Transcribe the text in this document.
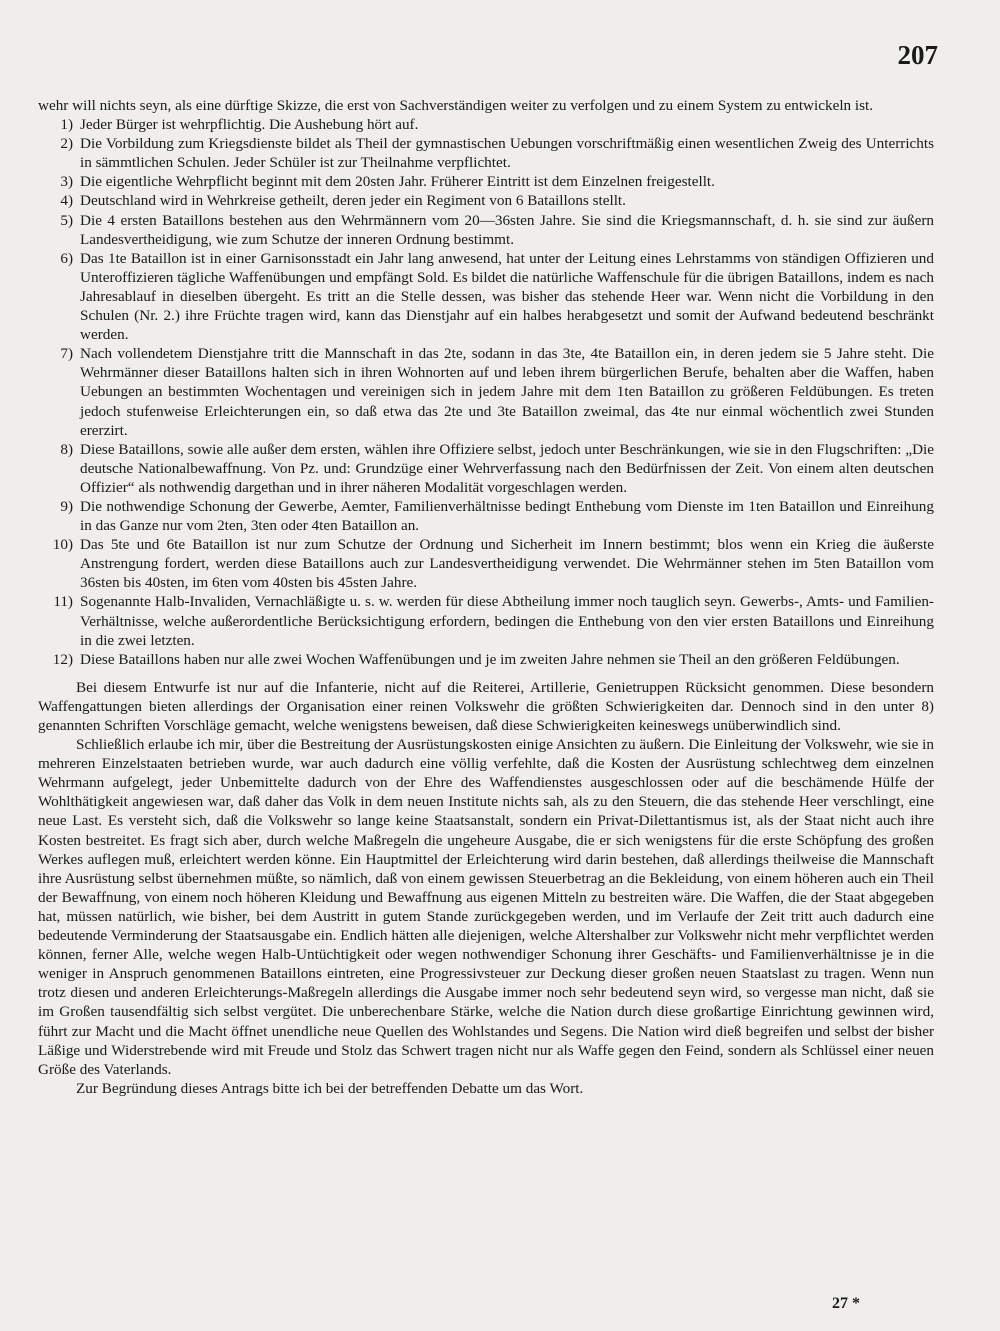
207

wehr will nichts seyn, als eine dürftige Skizze, die erst von Sachverständigen weiter zu verfolgen und zu einem System zu entwickeln ist.

1) Jeder Bürger ist wehrpflichtig. Die Aushebung hört auf.
2) Die Vorbildung zum Kriegsdienste bildet als Theil der gymnastischen Uebungen vorschriftmäßig einen wesentlichen Zweig des Unterrichts in sämmtlichen Schulen. Jeder Schüler ist zur Theilnahme verpflichtet.
3) Die eigentliche Wehrpflicht beginnt mit dem 20sten Jahr. Früherer Eintritt ist dem Einzelnen freigestellt.
4) Deutschland wird in Wehrkreise getheilt, deren jeder ein Regiment von 6 Bataillons stellt.
5) Die 4 ersten Bataillons bestehen aus den Wehrmännern vom 20—36sten Jahre. Sie sind die Kriegsmannschaft, d. h. sie sind zur äußern Landesvertheidigung, wie zum Schutze der inneren Ordnung bestimmt.
6) Das 1te Bataillon ist in einer Garnisonsstadt ein Jahr lang anwesend, hat unter der Leitung eines Lehrstamms von ständigen Offizieren und Unteroffizieren tägliche Waffenübungen und empfängt Sold. Es bildet die natürliche Waffenschule für die übrigen Bataillons, indem es nach Jahresablauf in dieselben übergeht. Es tritt an die Stelle dessen, was bisher das stehende Heer war. Wenn nicht die Vorbildung in den Schulen (Nr. 2.) ihre Früchte tragen wird, kann das Dienstjahr auf ein halbes herabgesetzt und somit der Aufwand bedeutend beschränkt werden.
7) Nach vollendetem Dienstjahre tritt die Mannschaft in das 2te, sodann in das 3te, 4te Bataillon ein, in deren jedem sie 5 Jahre steht. Die Wehrmänner dieser Bataillons halten sich in ihren Wohnorten auf und leben ihrem bürgerlichen Berufe, behalten aber die Waffen, haben Uebungen an bestimmten Wochentagen und vereinigen sich in jedem Jahre mit dem 1ten Bataillon zu größeren Feldübungen. Es treten jedoch stufenweise Erleichterungen ein, so daß etwa das 2te und 3te Bataillon zweimal, das 4te nur einmal wöchentlich zwei Stunden ererzirt.
8) Diese Bataillons, sowie alle außer dem ersten, wählen ihre Offiziere selbst, jedoch unter Beschränkungen, wie sie in den Flugschriften: „Die deutsche Nationalbewaffnung. Von Pz. und: Grundzüge einer Wehrverfassung nach den Bedürfnissen der Zeit. Von einem alten deutschen Offizier“ als nothwendig dargethan und in ihrer näheren Modalität vorgeschlagen werden.
9) Die nothwendige Schonung der Gewerbe, Aemter, Familienverhältnisse bedingt Enthebung vom Dienste im 1ten Bataillon und Einreihung in das Ganze nur vom 2ten, 3ten oder 4ten Bataillon an.
10) Das 5te und 6te Bataillon ist nur zum Schutze der Ordnung und Sicherheit im Innern bestimmt; blos wenn ein Krieg die äußerste Anstrengung fordert, werden diese Bataillons auch zur Landesvertheidigung verwendet. Die Wehrmänner stehen im 5ten Bataillon vom 36sten bis 40sten, im 6ten vom 40sten bis 45sten Jahre.
11) Sogenannte Halb-Invaliden, Vernachläßigte u. s. w. werden für diese Abtheilung immer noch tauglich seyn. Gewerbs-, Amts- und Familien-Verhältnisse, welche außerordentliche Berücksichtigung erfordern, bedingen die Enthebung von den vier ersten Bataillons und Einreihung in die zwei letzten.
12) Diese Bataillons haben nur alle zwei Wochen Waffenübungen und je im zweiten Jahre nehmen sie Theil an den größeren Feldübungen.

Bei diesem Entwurfe ist nur auf die Infanterie, nicht auf die Reiterei, Artillerie, Genietruppen Rücksicht genommen. Diese besondern Waffengattungen bieten allerdings der Organisation einer reinen Volkswehr die größten Schwierigkeiten dar. Dennoch sind in den unter 8) genannten Schriften Vorschläge gemacht, welche wenigstens beweisen, daß diese Schwierigkeiten keineswegs unüberwindlich sind.

Schließlich erlaube ich mir, über die Bestreitung der Ausrüstungskosten einige Ansichten zu äußern. Die Einleitung der Volkswehr, wie sie in mehreren Einzelstaaten betrieben wurde, war auch dadurch eine völlig verfehlte, daß die Kosten der Ausrüstung schlechtweg dem einzelnen Wehrmann aufgelegt, jeder Unbemittelte dadurch von der Ehre des Waffendienstes ausgeschlossen oder auf die beschämende Hülfe der Wohlthätigkeit angewiesen war, daß daher das Volk in dem neuen Institute nichts sah, als zu den Steuern, die das stehende Heer verschlingt, eine neue Last. Es versteht sich, daß die Volkswehr so lange keine Staatsanstalt, sondern ein Privat-Dilettantismus ist, als der Staat nicht auch ihre Kosten bestreitet. Es fragt sich aber, durch welche Maßregeln die ungeheure Ausgabe, die er sich wenigstens für die erste Schöpfung des großen Werkes auflegen muß, erleichtert werden könne. Ein Hauptmittel der Erleichterung wird darin bestehen, daß allerdings theilweise die Mannschaft ihre Ausrüstung selbst übernehmen müßte, so nämlich, daß von einem gewissen Steuerbetrag an die Bekleidung, von einem höheren auch ein Theil der Bewaffnung, von einem noch höheren Kleidung und Bewaffnung aus eigenen Mitteln zu bestreiten wäre. Die Waffen, die der Staat abgegeben hat, müssen natürlich, wie bisher, bei dem Austritt in gutem Stande zurückgegeben werden, und im Verlaufe der Zeit tritt auch dadurch eine bedeutende Verminderung der Staatsausgabe ein. Endlich hätten alle diejenigen, welche Altershalber zur Volkswehr nicht mehr verpflichtet werden können, ferner Alle, welche wegen Halb-Untüchtigkeit oder wegen nothwendiger Schonung ihrer Geschäfts- und Familienverhältnisse je in die weniger in Anspruch genommenen Bataillons eintreten, eine Progressivsteuer zur Deckung dieser großen neuen Staatslast zu tragen. Wenn nun trotz diesen und anderen Erleichterungs-Maßregeln allerdings die Ausgabe immer noch sehr bedeutend seyn wird, so vergesse man nicht, daß sie im Großen tausendfältig sich selbst vergütet. Die unberechenbare Stärke, welche die Nation durch diese großartige Einrichtung gewinnen wird, führt zur Macht und die Macht öffnet unendliche neue Quellen des Wohlstandes und Segens. Die Nation wird dieß begreifen und selbst der bisher Läßige und Widerstrebende wird mit Freude und Stolz das Schwert tragen nicht nur als Waffe gegen den Feind, sondern als Schlüssel einer neuen Größe des Vaterlands.

Zur Begründung dieses Antrags bitte ich bei der betreffenden Debatte um das Wort.

27 *
